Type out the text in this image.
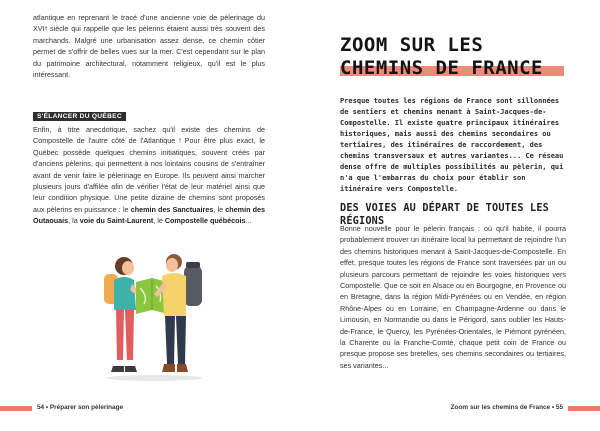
atlantique en reprenant le tracé d'une ancienne voie de pèlerinage du XVIᵉ siècle qui rappelle que les pèlerins étaient aussi très souvent des marchands. Malgré une urbanisation assez dense, ce chemin côtier permet de s'offrir de belles vues sur la mer. C'est cependant sur le plan du patrimoine architectural, notamment religieux, qu'il est le plus intéressant.

S'ÉLANCER DU QUÉBEC

Enfin, à titre anecdotique, sachez qu'il existe des chemins de Compostelle de l'autre côté de l'Atlantique ! Pour être plus exact, le Québec possède quelques chemins initiatiques, souvent créés par d'anciens pèlerins, qui permettent à nos lointains cousins de s'entraîner avant de venir faire le pèlerinage en Europe. Ils peuvent ainsi marcher plusieurs jours d'affilée afin de vérifier l'état de leur matériel ainsi que leur condition physique. Une petite dizaine de chemins sont proposés aux pèlerins en puissance : le chemin des Sanctuaires, le chemin des Outaouais, la voie du Saint-Laurent, le Compostelle québécois...

54 • Préparer son pèlerinage
ZOOM SUR LES CHEMINS DE FRANCE

Presque toutes les régions de France sont sillonnées de sentiers et chemins menant à Saint-Jacques-de-Compostelle. Il existe quatre principaux itinéraires historiques, mais aussi des chemins secondaires ou tertiaires, des itinéraires de raccordement, des chemins transversaux et autres variantes... Ce réseau dense offre de multiples possibilités au pèlerin, qui n'a que l'embarras du choix pour établir son itinéraire vers Compostelle.

DES VOIES AU DÉPART DE TOUTES LES RÉGIONS

Bonne nouvelle pour le pèlerin français : où qu'il habite, il pourra probablement trouver un itinéraire local lui permettant de rejoindre l'un des chemins historiques menant à Saint-Jacques-de-Compostelle. En effet, presque toutes les régions de France sont traversées par un ou plusieurs parcours permettant de rejoindre les voies historiques vers Compostelle. Que ce soit en Alsace ou en Bourgogne, en Provence ou en Bretagne, dans la région Midi-Pyrénées ou en Vendée, en région Rhône-Alpes ou en Lorraine, en Champagne-Ardenne ou dans le Limousin, en Normandie ou dans le Périgord, sans oublier les Hauts-de-France, le Quercy, les Pyrénées-Orientales, le Piémont pyrénéen, la Charente ou la Franche-Comté, chaque petit coin de France ou presque propose ses bretelles, ses chemins secondaires ou tertiaires, ses variantes...

Zoom sur les chemins de France • 55
